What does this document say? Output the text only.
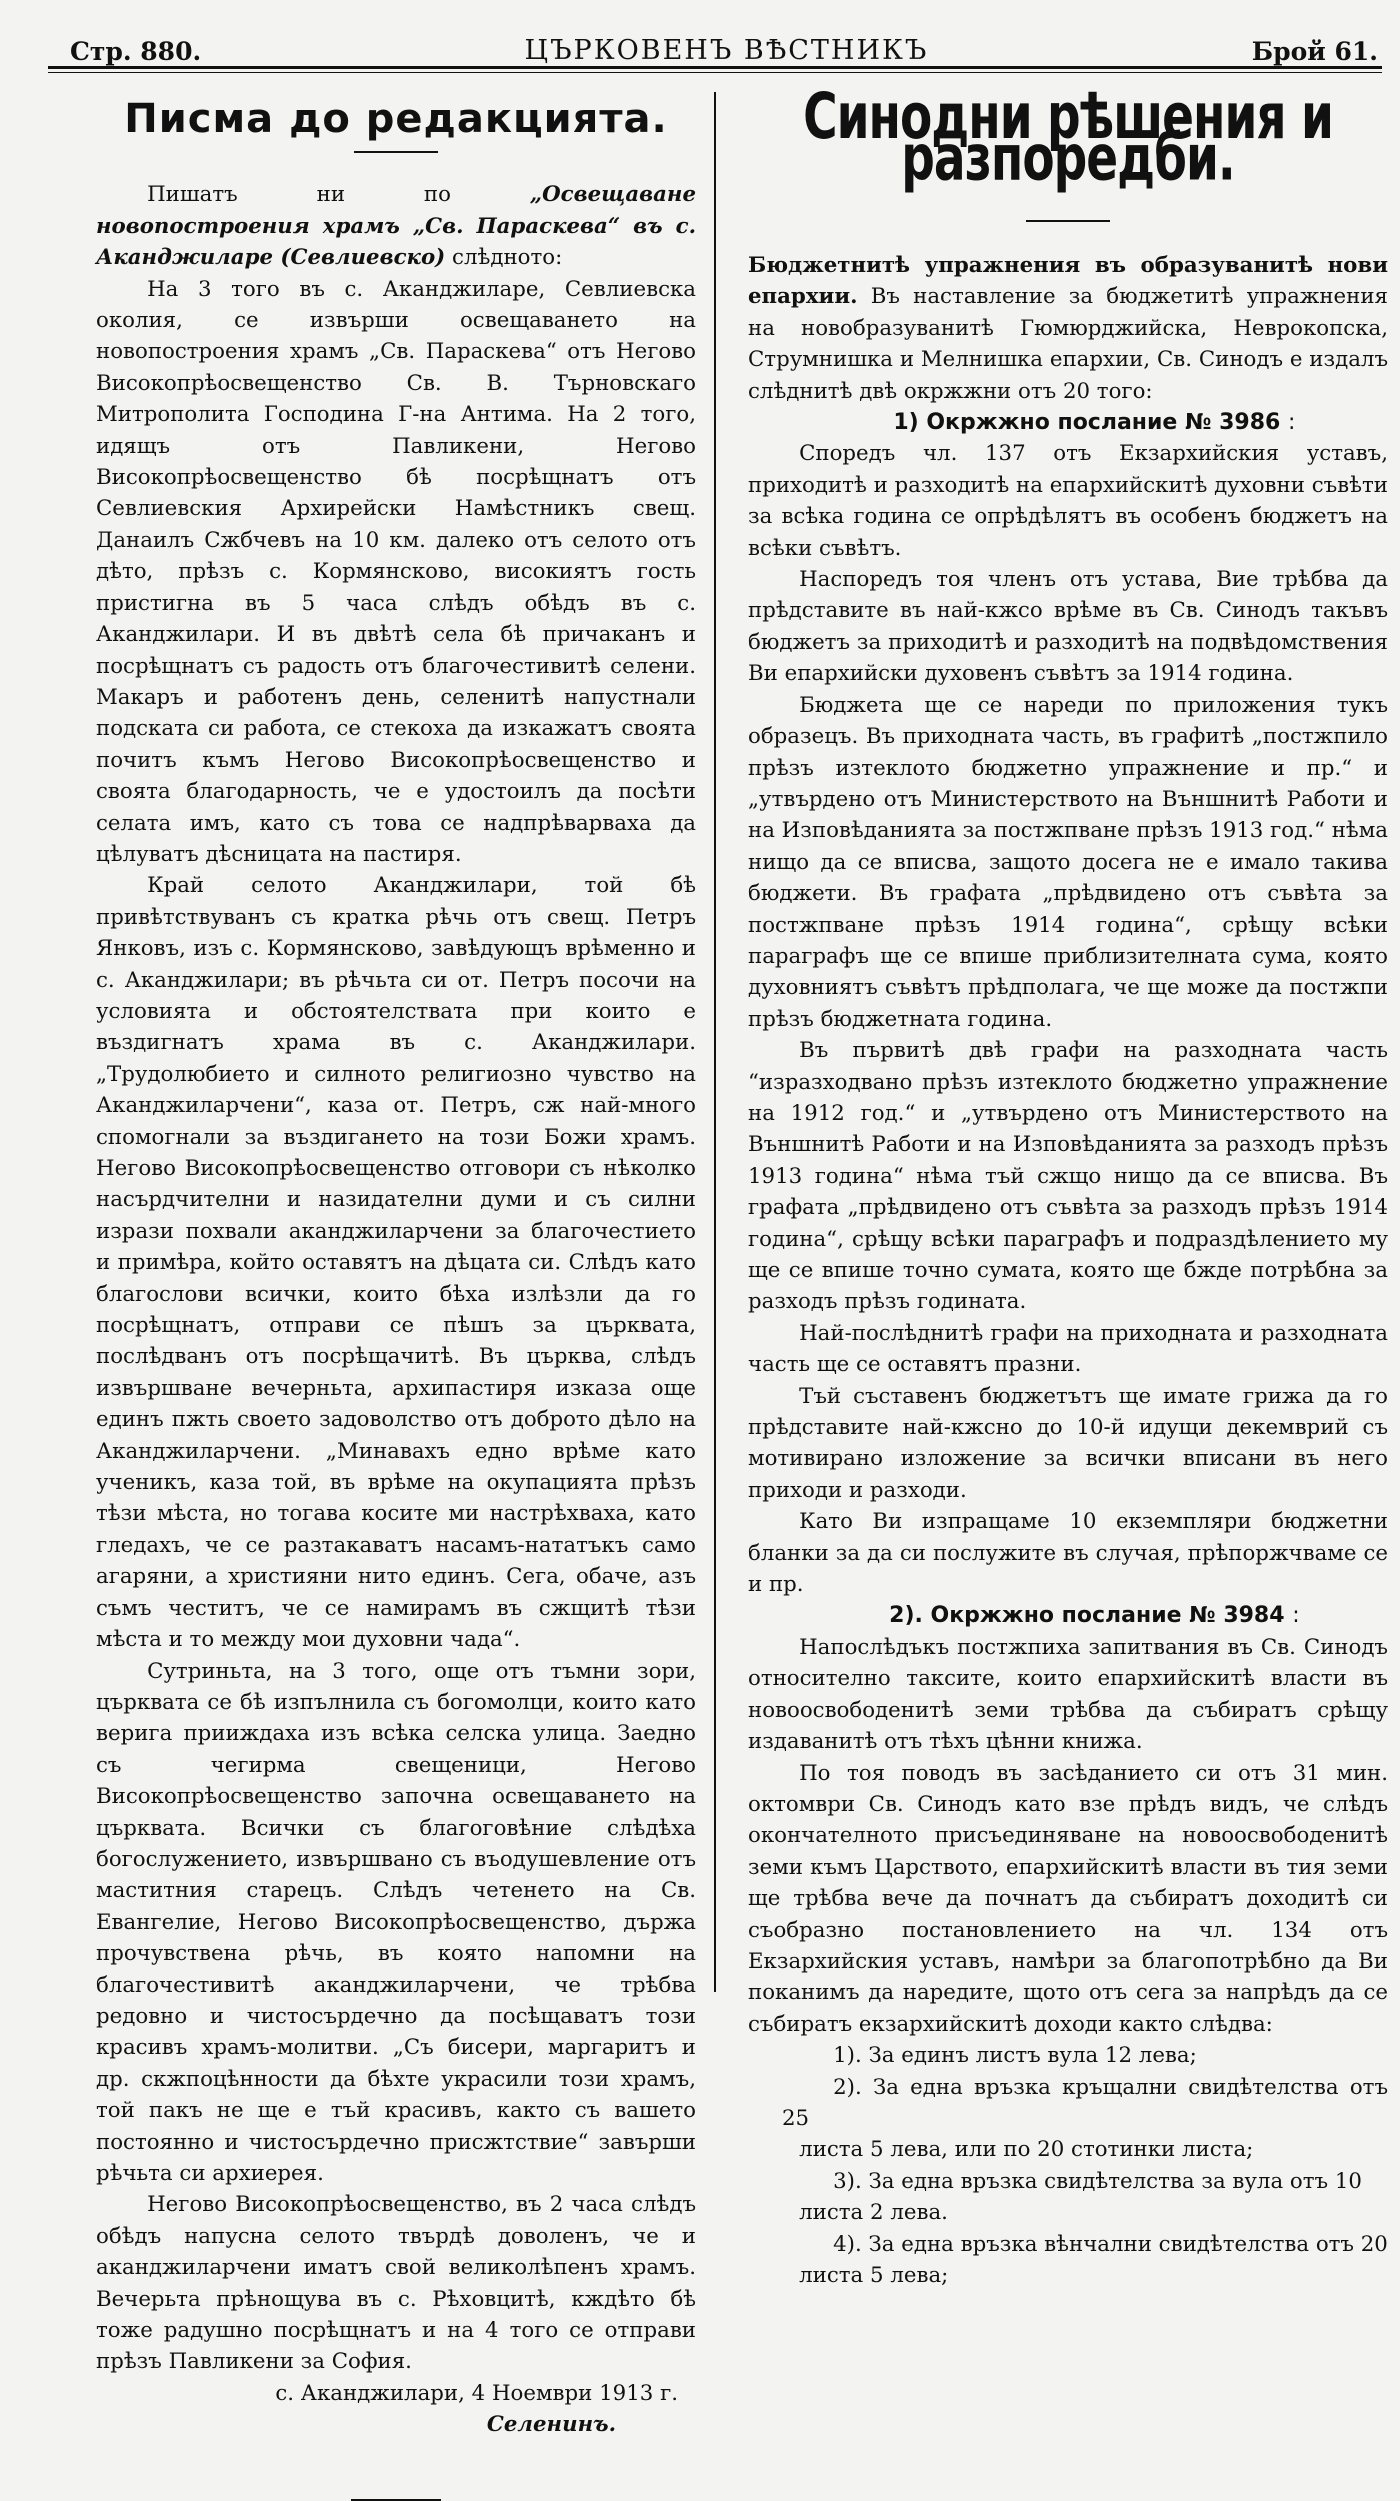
Стр. 880.	ЦЪРКОВЕНЪ ВѢСТНИКЪ	Брой 61.
Писма до редакцията.

Пишатъ ни по „Освещаване новопостроения храмъ „Св. Параскева“ въ с. Аканджиларе (Севлиевско) слѣдното:

На 3 того въ с. Аканджиларе, Севлиевска околия, се извърши освещаването на новопостроения храмъ „Св. Параскева“ отъ Негово Високопрѣосвещенство Св. В. Търновскаго Митрополита Господина Г-на Антима. На 2 того, идящъ отъ Павликени, Негово Високопрѣосвещенство бѣ посрѣщнатъ отъ Севлиевския Архирейски Намѣстникъ свещ. Данаилъ Сжбчевъ на 10 км. далеко отъ селото отъ дѣто, прѣзъ с. Кормянсково, високиятъ гость пристигна въ 5 часа слѣдъ обѣдъ въ с. Аканджилари. И въ двѣтѣ села бѣ причаканъ и посрѣщнатъ съ радость отъ благочестивитѣ селени. Макаръ и работенъ день, селенитѣ напустнали подската си работа, се стекоха да изкажатъ своята почитъ къмъ Негово Високопрѣосвещенство и своята благодарность, че е удостоилъ да посѣти селата имъ, като съ това се надпрѣварваха да цѣлуватъ дѣсницата на пастиря.

Край селото Аканджилари, той бѣ привѣтствуванъ съ кратка рѣчь отъ свещ. Петръ Янковъ, изъ с. Кормянсково, завѣдующъ врѣменно и с. Аканджилари; въ рѣчьта си от. Петръ посочи на условията и обстоятелствата при които е въздигнатъ храма въ с. Аканджилари. „Трудолюбието и силното религиозно чувство на Аканджиларчени“, каза от. Петръ, сж най-много спомогнали за въздигането на този Божи храмъ. Негово Високопрѣосвещенство отговори съ нѣколко насърдчителни и назидателни думи и съ силни изрази похвали аканджиларчени за благочестието и примѣра, който оставятъ на дѣцата си. Слѣдъ като благослови всички, които бѣха излѣзли да го посрѣщнатъ, отправи се пѣшъ за църквата, послѣдванъ отъ посрѣщачитѣ. Въ църква, слѣдъ извършване вечерньта, архипастиря изказа още единъ пжть своето задоволство отъ доброто дѣло на Аканджиларчени. „Минавахъ едно врѣме като ученикъ, каза той, въ врѣме на окупацията прѣзъ тѣзи мѣста, но тогава косите ми настрѣхваха, като гледахъ, че се разтакаватъ насамъ-нататъкъ само агаряни, а християни нито единъ. Сега, обаче, азъ съмъ честитъ, че се намирамъ въ сжщитѣ тѣзи мѣста и то между мои духовни чада“.

Сутриньта, на 3 того, още отъ тъмни зори, църквата се бѣ изпълнила съ богомолци, които като верига прииждаха изъ всѣка селска улица. Заедно съ чегирма свещеници, Негово Високопрѣосвещенство започна освещаването на църквата. Всички съ благоговѣние слѣдѣха богослужението, извършвано съ въодушевление отъ маститния старецъ. Слѣдъ четенето на Св. Евангелие, Негово Високопрѣосвещенство, държа прочувствена рѣчь, въ която напомни на благочестивитѣ аканджиларчени, че трѣбва редовно и чистосърдечно да посѣщаватъ този красивъ храмъ-молитви. „Съ бисери, маргаритъ и др. скжпоцѣнности да бѣхте украсили този храмъ, той пакъ не ще е тъй красивъ, както съ вашето постоянно и чистосърдечно присжтствие“ завърши рѣчьта си архиерея.

Негово Високопрѣосвещенство, въ 2 часа слѣдъ обѣдъ напусна селото твърдѣ доволенъ, че и аканджиларчени иматъ свой великолѣпенъ храмъ. Вечерьта прѣнощува въ с. Рѣховцитѣ, кждѣто бѣ тоже радушно посрѣщнатъ и на 4 того се отправи прѣзъ Павликени за София.

с. Аканджилари, 4 Ноември 1913 г.

Селенинъ.

Синодни рѣшения и разпоредби.

Бюджетнитѣ упражнения въ образуванитѣ нови епархии. Въ наставление за бюджетитѣ упражнения на новобразуванитѣ Гюмюрджийска, Неврокопска, Струмнишка и Мелнишка епархии, Св. Синодъ е издалъ слѣднитѣ двѣ окржжни отъ 20 того:

1) Окржжно послание № 3986 :

Споредъ чл. 137 отъ Екзархийския уставъ, приходитѣ и разходитѣ на епархийскитѣ духовни съвѣти за всѣка година се опрѣдѣлятъ въ особенъ бюджетъ на всѣки съвѣтъ.

Наспоредъ тоя членъ отъ устава, Вие трѣбва да прѣдставите въ най-кжсо врѣме въ Св. Синодъ такъвъ бюджетъ за приходитѣ и разходитѣ на подвѣдомствения Ви епархийски духовенъ съвѣтъ за 1914 година.

Бюджета ще се нареди по приложения тукъ образецъ. Въ приходната часть, въ графитѣ „постжпило прѣзъ изтеклото бюджетно упражнение и пр.“ и „утвърдено отъ Министерството на Външнитѣ Работи и на Изповѣданията за постжпване прѣзъ 1913 год.“ нѣма нищо да се вписва, защото досега не е имало такива бюджети. Въ графата „прѣдвидено отъ съвѣта за постжпване прѣзъ 1914 година“, срѣщу всѣки параграфъ ще се впише приблизителната сума, която духовниятъ съвѣтъ прѣдполага, че ще може да постжпи прѣзъ бюджетната година.

Въ първитѣ двѣ графи на разходната часть “изразходвано прѣзъ изтеклото бюджетно упражнение на 1912 год.“ и „утвърдено отъ Министерството на Външнитѣ Работи и на Изповѣданията за разходъ прѣзъ 1913 година“ нѣма тъй сжщо нищо да се вписва. Въ графата „прѣдвидено отъ съвѣта за разходъ прѣзъ 1914 година“, срѣщу всѣки параграфъ и подраздѣлението му ще се впише точно сумата, която ще бжде потрѣбна за разходъ прѣзъ годината.

Най-послѣднитѣ графи на приходната и разходната часть ще се оставятъ празни.

Тъй съставенъ бюджетътъ ще имате грижа да го прѣдставите най-кжсно до 10-й идущи декемврий съ мотивирано изложение за всички вписани въ него приходи и разходи.

Като Ви изпращаме 10 екземпляри бюджетни бланки за да си послужите въ случая, прѣпоржчваме се и пр.

2). Окржжно послание № 3984 :

Напослѣдъкъ постжпиха запитвания въ Св. Синодъ относително таксите, които епархийскитѣ власти въ новоосвободенитѣ земи трѣбва да събиратъ срѣщу издаванитѣ отъ тѣхъ цѣнни книжа.

По тоя поводъ въ засѣданието си отъ 31 мин. октомври Св. Синодъ като взе прѣдъ видъ, че слѣдъ окончателното присъединяване на новоосвободенитѣ земи къмъ Царството, епархийскитѣ власти въ тия земи ще трѣбва вече да почнатъ да събиратъ доходитѣ си съобразно постановлението на чл. 134 отъ Екзархийския уставъ, намѣри за благопотрѣбно да Ви поканимъ да наредите, щото отъ сега за напрѣдъ да се събиратъ екзархийскитѣ доходи както слѣдва:

1). За единъ листъ вула 12 лева;

2). За една връзка кръщални свидѣтелства отъ 25

листа 5 лева, или по 20 стотинки листа;

3). За една връзка свидѣтелства за вула отъ 10

листа 2 лева.

4). За една връзка вѣнчални свидѣтелства отъ 20

листа 5 лева;
